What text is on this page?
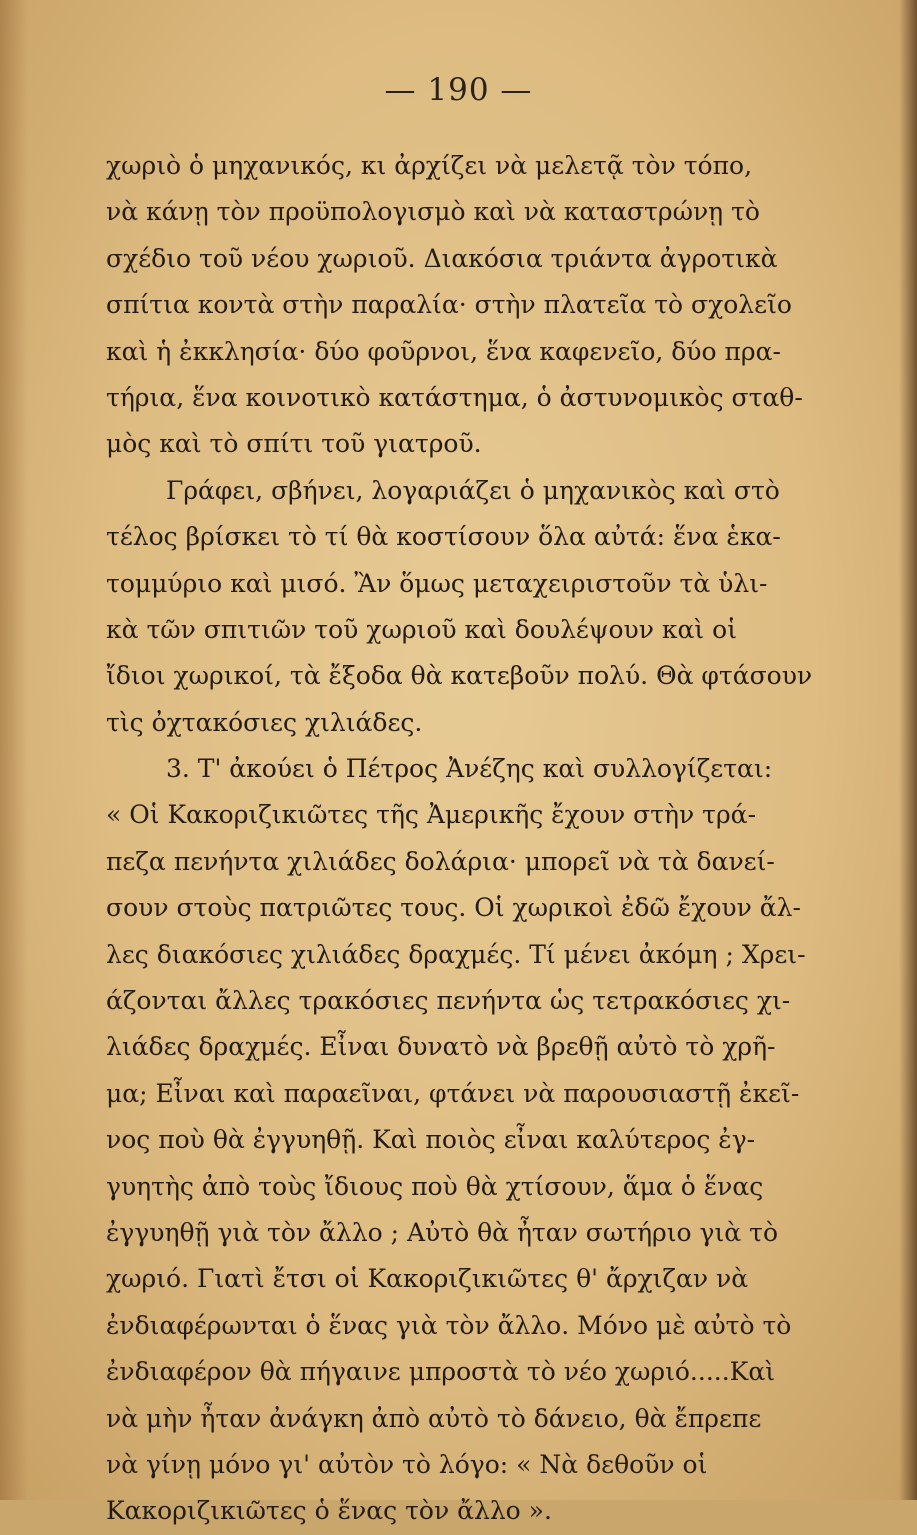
— 190 —
χωριὸ ὁ μηχανικός, κι ἀρχίζει νὰ μελετᾷ τὸν τόπο,
νὰ κάνῃ τὸν προϋπολογισμὸ καὶ νὰ καταστρώνῃ τὸ
σχέδιο τοῦ νέου χωριοῦ. Διακόσια τριάντα ἀγροτικὰ
σπίτια κοντὰ στὴν παραλία· στὴν πλατεῖα τὸ σχολεῖο
καὶ ἡ ἐκκλησία· δύο φοῦρνοι, ἕνα καφενεῖο, δύο πρα-
τήρια, ἕνα κοινοτικὸ κατάστημα, ὁ ἀστυνομικὸς σταθ-
μὸς καὶ τὸ σπίτι τοῦ γιατροῦ.
Γράφει, σβήνει, λογαριάζει ὁ μηχανικὸς καὶ στὸ
τέλος βρίσκει τὸ τί θὰ κοστίσουν ὅλα αὐτά: ἕνα ἑκα-
τομμύριο καὶ μισό. Ἂν ὅμως μεταχειριστοῦν τὰ ὑλι-
κὰ τῶν σπιτιῶν τοῦ χωριοῦ καὶ δουλέψουν καὶ οἱ
ἴδιοι χωρικοί, τὰ ἔξοδα θὰ κατεβοῦν πολύ. Θὰ φτάσουν
τὶς ὀχτακόσιες χιλιάδες.
3. Τ' ἀκούει ὁ Πέτρος Ἀνέζης καὶ συλλογίζεται:
« Οἱ Κακοριζικιῶτες τῆς Ἀμερικῆς ἔχουν στὴν τρά-
πεζα πενήντα χιλιάδες δολάρια· μπορεῖ νὰ τὰ δανεί-
σουν στοὺς πατριῶτες τους. Οἱ χωρικοὶ ἐδῶ ἔχουν ἄλ-
λες διακόσιες χιλιάδες δραχμές. Τί μένει ἀκόμη ; Χρει-
άζονται ἄλλες τρακόσιες πενήντα ὡς τετρακόσιες χι-
λιάδες δραχμές. Εἶναι δυνατὸ νὰ βρεθῇ αὐτὸ τὸ χρῆ-
μα; Εἶναι καὶ παραεῖναι, φτάνει νὰ παρουσιαστῇ ἐκεῖ-
νος ποὺ θὰ ἐγγυηθῇ. Καὶ ποιὸς εἶναι καλύτερος ἐγ-
γυητὴς ἀπὸ τοὺς ἴδιους ποὺ θὰ χτίσουν, ἅμα ὁ ἕνας
ἐγγυηθῇ γιὰ τὸν ἄλλο ; Αὐτὸ θὰ ἦταν σωτήριο γιὰ τὸ
χωριό. Γιατὶ ἔτσι οἱ Κακοριζικιῶτες θ' ἄρχιζαν νὰ
ἐνδιαφέρωνται ὁ ἕνας γιὰ τὸν ἄλλο. Μόνο μὲ αὐτὸ τὸ
ἐνδιαφέρον θὰ πήγαινε μπροστὰ τὸ νέο χωριό.....Καὶ
νὰ μὴν ἦταν ἀνάγκη ἀπὸ αὐτὸ τὸ δάνειο, θὰ ἔπρεπε
νὰ γίνῃ μόνο γι' αὐτὸν τὸ λόγο: « Νὰ δεθοῦν οἱ
Κακοριζικιῶτες ὁ ἕνας τὸν ἄλλο ».
